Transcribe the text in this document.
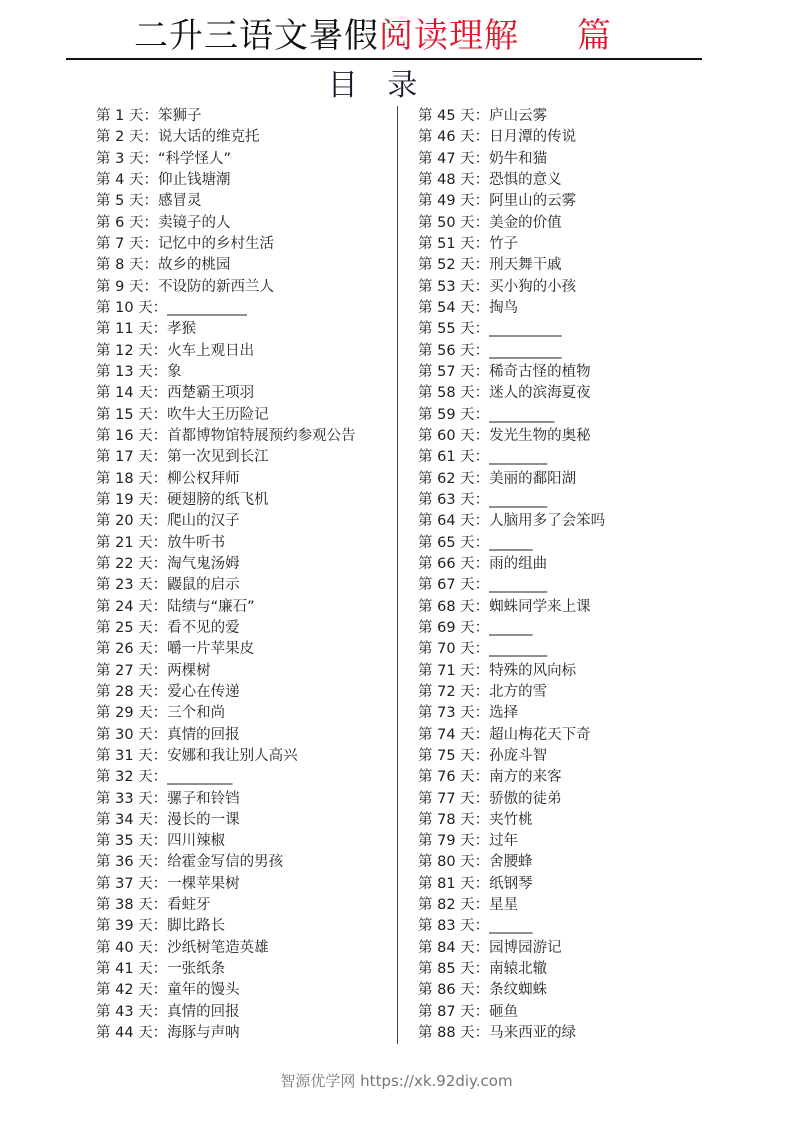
二升三语文暑假阅读理解 篇
目 录
第 1 天：笨狮子
第 2 天：说大话的维克托
第 3 天：“科学怪人”
第 4 天：仰止钱塘潮
第 5 天：感冒灵
第 6 天：卖镜子的人
第 7 天：记忆中的乡村生活
第 8 天：故乡的桃园
第 9 天：不设防的新西兰人
第 10 天：___________
第 11 天：孝猴
第 12 天：火车上观日出
第 13 天：象
第 14 天：西楚霸王项羽
第 15 天：吹牛大王历险记
第 16 天：首都博物馆特展预约参观公告
第 17 天：第一次见到长江
第 18 天：柳公权拜师
第 19 天：硬翅膀的纸飞机
第 20 天：爬山的汉子
第 21 天：放牛听书
第 22 天：淘气鬼汤姆
第 23 天：鼹鼠的启示
第 24 天：陆绩与“廉石”
第 25 天：看不见的爱
第 26 天：嚼一片苹果皮
第 27 天：两棵树
第 28 天：爱心在传递
第 29 天：三个和尚
第 30 天：真情的回报
第 31 天：安娜和我让别人高兴
第 32 天：_________
第 33 天：骡子和铃铛
第 34 天：漫长的一课
第 35 天：四川辣椒
第 36 天：给霍金写信的男孩
第 37 天：一棵苹果树
第 38 天：看蛀牙
第 39 天：脚比路长
第 40 天：沙纸树笔造英雄
第 41 天：一张纸条
第 42 天：童年的馒头
第 43 天：真情的回报
第 44 天：海豚与声呐
第 45 天：庐山云雾
第 46 天：日月潭的传说
第 47 天：奶牛和猫
第 48 天：恐惧的意义
第 49 天：阿里山的云雾
第 50 天：美金的价值
第 51 天：竹子
第 52 天：刑天舞干戚
第 53 天：买小狗的小孩
第 54 天：掏鸟
第 55 天：__________
第 56 天：__________
第 57 天：稀奇古怪的植物
第 58 天：迷人的滨海夏夜
第 59 天：_________
第 60 天：发光生物的奥秘
第 61 天：________
第 62 天：美丽的鄱阳湖
第 63 天：________
第 64 天：人脑用多了会笨吗
第 65 天：______
第 66 天：雨的组曲
第 67 天：________
第 68 天：蜘蛛同学来上课
第 69 天：______
第 70 天：________
第 71 天：特殊的风向标
第 72 天：北方的雪
第 73 天：选择
第 74 天：超山梅花天下奇
第 75 天：孙庞斗智
第 76 天：南方的来客
第 77 天：骄傲的徒弟
第 78 天：夹竹桃
第 79 天：过年
第 80 天：舍腰蜂
第 81 天：纸钢琴
第 82 天：星星
第 83 天：______
第 84 天：园博园游记
第 85 天：南辕北辙
第 86 天：条纹蜘蛛
第 87 天：砸鱼
第 88 天：马来西亚的绿
智源优学网 https://xk.92diy.com
